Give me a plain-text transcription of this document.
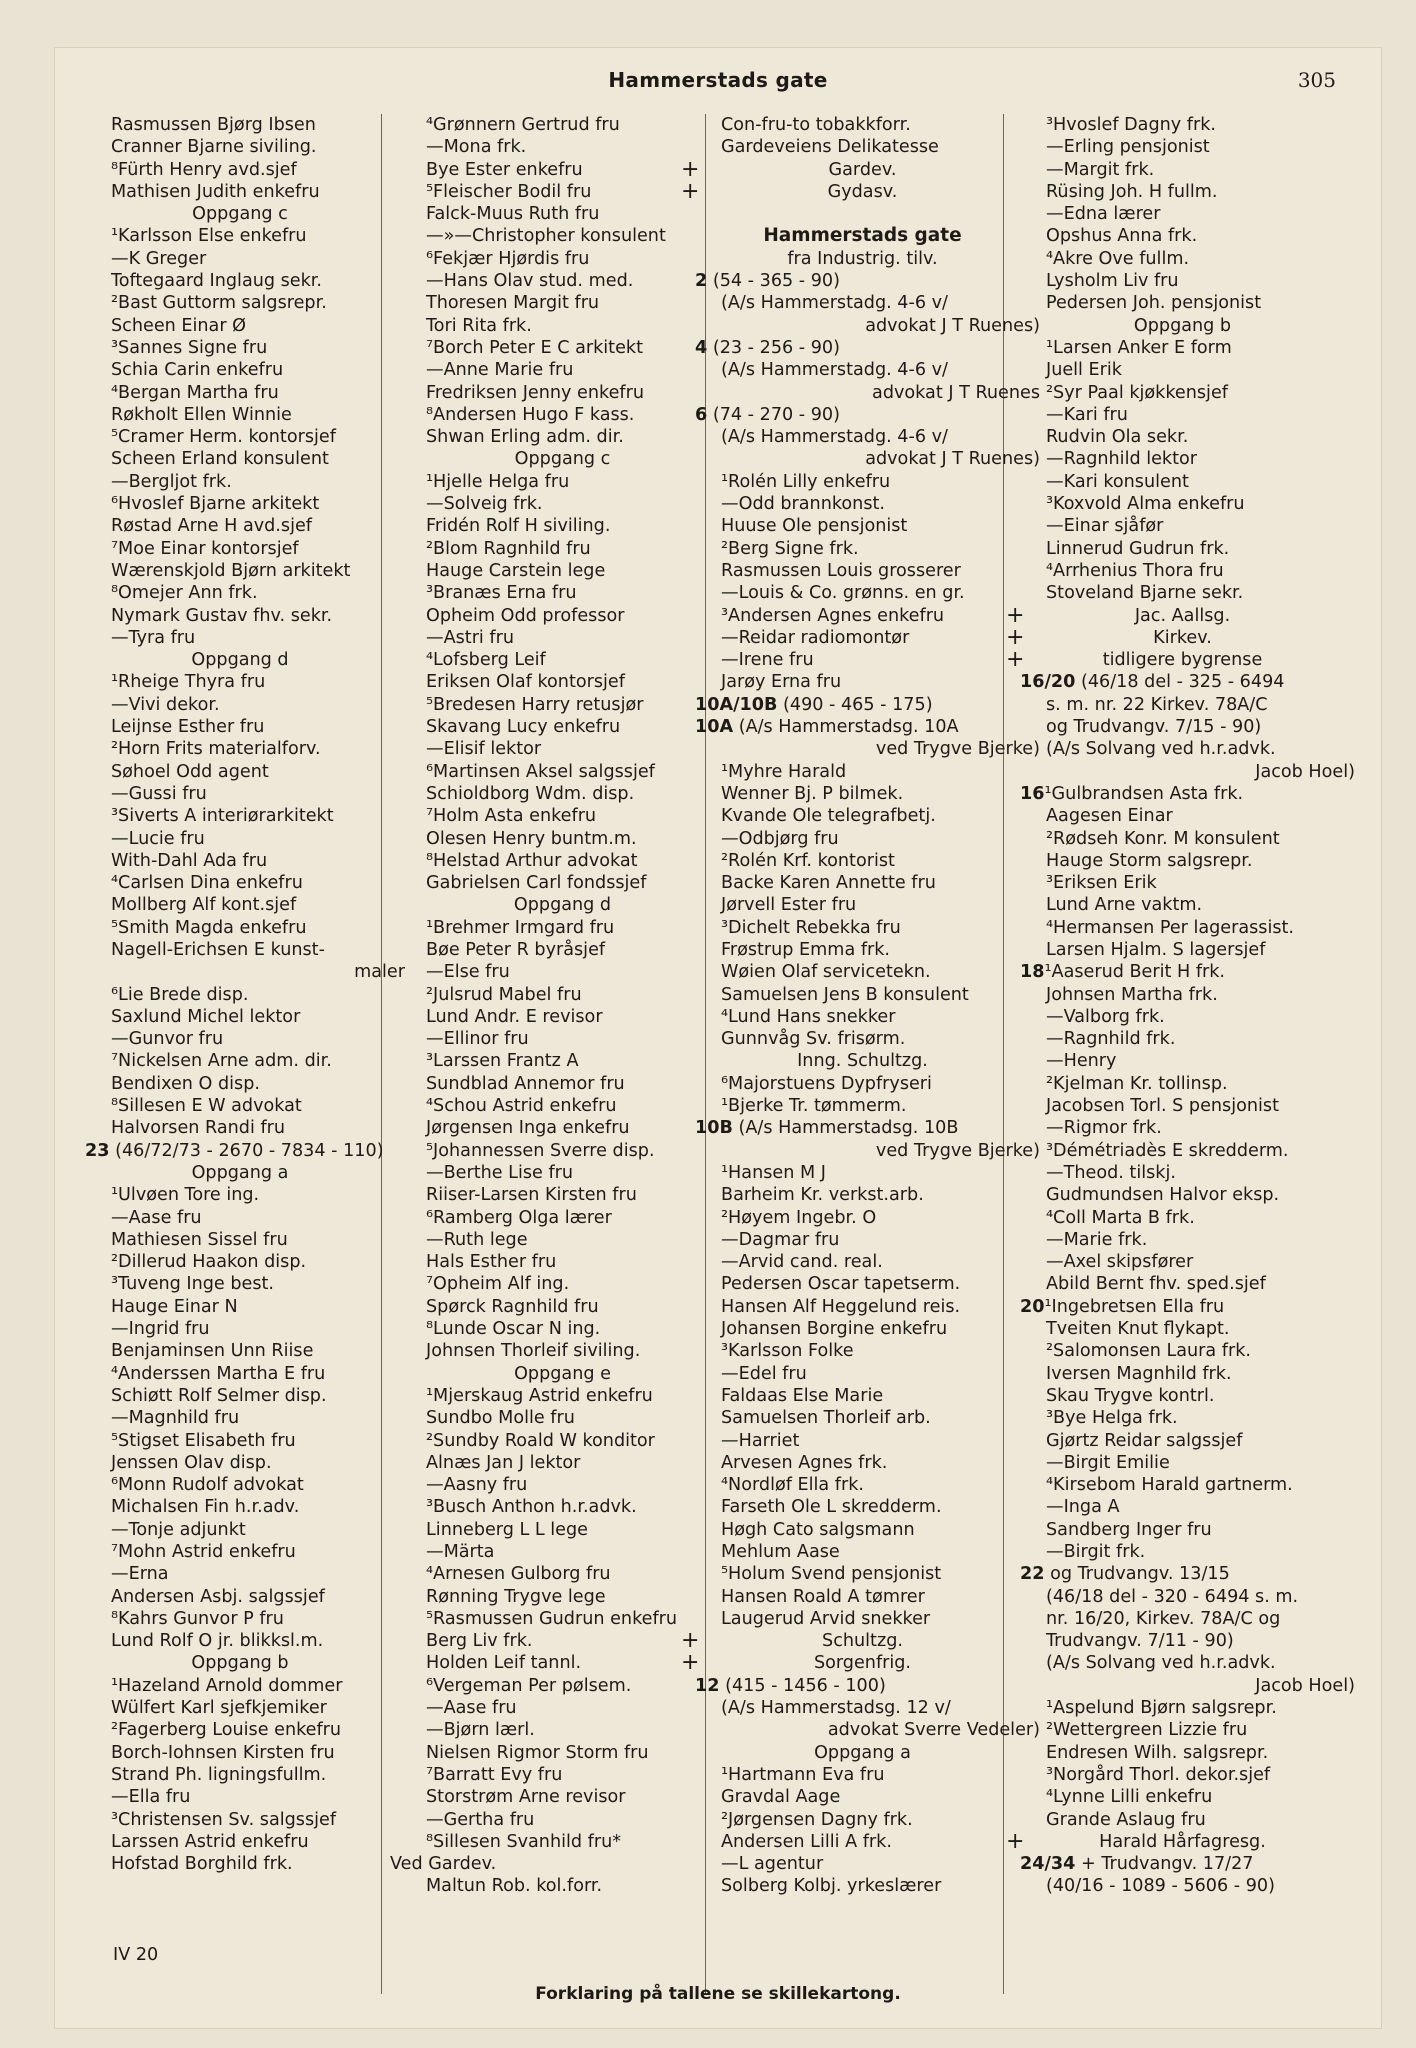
Hammerstads gate	305
Rasmussen Bjørg Ibsen
Cranner Bjarne siviling.
⁸Fürth Henry avd.sjef
Mathisen Judith enkefru
Oppgang c
¹Karlsson Else enkefru
—K Greger
Toftegaard Inglaug sekr.
²Bast Guttorm salgsrepr.
Scheen Einar Ø
³Sannes Signe fru
Schia Carin enkefru
⁴Bergan Martha fru
Røkholt Ellen Winnie
⁵Cramer Herm. kontorsjef
Scheen Erland konsulent
—Bergljot frk.
⁶Hvoslef Bjarne arkitekt
Røstad Arne H avd.sjef
⁷Moe Einar kontorsjef
Wærenskjold Bjørn arkitekt
⁸Omejer Ann frk.
Nymark Gustav fhv. sekr.
—Tyra fru
Oppgang d
¹Rheige Thyra fru
—Vivi dekor.
Leijnse Esther fru
²Horn Frits materialforv.
Søhoel Odd agent
—Gussi fru
³Siverts A interiørarkitekt
—Lucie fru
With-Dahl Ada fru
⁴Carlsen Dina enkefru
Mollberg Alf kont.sjef
⁵Smith Magda enkefru
Nagell-Erichsen E kunst-
maler
⁶Lie Brede disp.
Saxlund Michel lektor
—Gunvor fru
⁷Nickelsen Arne adm. dir.
Bendixen O disp.
⁸Sillesen E W advokat
Halvorsen Randi fru
23 (46/72/73 - 2670 - 7834 - 110)
Oppgang a
¹Ulvøen Tore ing.
—Aase fru
Mathiesen Sissel fru
²Dillerud Haakon disp.
³Tuveng Inge best.
Hauge Einar N
—Ingrid fru
Benjaminsen Unn Riise
⁴Anderssen Martha E fru
Schiøtt Rolf Selmer disp.
—Magnhild fru
⁵Stigset Elisabeth fru
Jenssen Olav disp.
⁶Monn Rudolf advokat
Michalsen Fin h.r.adv.
—Tonje adjunkt
⁷Mohn Astrid enkefru
—Erna
Andersen Asbj. salgssjef
⁸Kahrs Gunvor P fru
Lund Rolf O jr. blikksl.m.
Oppgang b
¹Hazeland Arnold dommer
Wülfert Karl sjefkjemiker
²Fagerberg Louise enkefru
Borch-Iohnsen Kirsten fru
Strand Ph. ligningsfullm.
—Ella fru
³Christensen Sv. salgssjef
Larssen Astrid enkefru
Hofstad Borghild frk.
⁴Grønnern Gertrud fru
—Mona frk.
Bye Ester enkefru
⁵Fleischer Bodil fru
Falck-Muus Ruth fru
—»—Christopher konsulent
⁶Fekjær Hjørdis fru
—Hans Olav stud. med.
Thoresen Margit fru
Tori Rita frk.
⁷Borch Peter E C arkitekt
—Anne Marie fru
Fredriksen Jenny enkefru
⁸Andersen Hugo F kass.
Shwan Erling adm. dir.
Oppgang c
¹Hjelle Helga fru
—Solveig frk.
Fridén Rolf H siviling.
²Blom Ragnhild fru
Hauge Carstein lege
³Branæs Erna fru
Opheim Odd professor
—Astri fru
⁴Lofsberg Leif
Eriksen Olaf kontorsjef
⁵Bredesen Harry retusjør
Skavang Lucy enkefru
—Elisif lektor
⁶Martinsen Aksel salgssjef
Schioldborg Wdm. disp.
⁷Holm Asta enkefru
Olesen Henry buntm.m.
⁸Helstad Arthur advokat
Gabrielsen Carl fondssjef
Oppgang d
¹Brehmer Irmgard fru
Bøe Peter R byråsjef
—Else fru
²Julsrud Mabel fru
Lund Andr. E revisor
—Ellinor fru
³Larssen Frantz A
Sundblad Annemor fru
⁴Schou Astrid enkefru
Jørgensen Inga enkefru
⁵Johannessen Sverre disp.
—Berthe Lise fru
Riiser-Larsen Kirsten fru
⁶Ramberg Olga lærer
—Ruth lege
Hals Esther fru
⁷Opheim Alf ing.
Spørck Ragnhild fru
⁸Lunde Oscar N ing.
Johnsen Thorleif siviling.
Oppgang e
¹Mjerskaug Astrid enkefru
Sundbo Molle fru
²Sundby Roald W konditor
Alnæs Jan J lektor
—Aasny fru
³Busch Anthon h.r.advk.
Linneberg L L lege
—Märta
⁴Arnesen Gulborg fru
Rønning Trygve lege
⁵Rasmussen Gudrun enkefru
Berg Liv frk.
Holden Leif tannl.
⁶Vergeman Per pølsem.
—Aase fru
—Bjørn lærl.
Nielsen Rigmor Storm fru
⁷Barratt Evy fru
Storstrøm Arne revisor
—Gertha fru
⁸Sillesen Svanhild fru*
Ved Gardev.
Maltun Rob. kol.forr.
Con-fru-to tobakkforr.
Gardeveiens Delikatesse
+	Gardev.
+	Gydasv.
Hammerstads gate
fra Industrig. tilv.
2 (54 - 365 - 90)
(A/s Hammerstadg. 4-6 v/
advokat J T Ruenes)
4 (23 - 256 - 90)
(A/s Hammerstadg. 4-6 v/
advokat J T Ruenes
6 (74 - 270 - 90)
(A/s Hammerstadg. 4-6 v/
advokat J T Ruenes)
¹Rolén Lilly enkefru
—Odd brannkonst.
Huuse Ole pensjonist
²Berg Signe frk.
Rasmussen Louis grosserer
—Louis & Co. grønns. en gr.
³Andersen Agnes enkefru
—Reidar radiomontør
—Irene fru
Jarøy Erna fru
10A/10B (490 - 465 - 175)
10A (A/s Hammerstadsg. 10A
ved Trygve Bjerke)
¹Myhre Harald
Wenner Bj. P bilmek.
Kvande Ole telegrafbetj.
—Odbjørg fru
²Rolén Krf. kontorist
Backe Karen Annette fru
Jørvell Ester fru
³Dichelt Rebekka fru
Frøstrup Emma frk.
Wøien Olaf servicetekn.
Samuelsen Jens B konsulent
⁴Lund Hans snekker
Gunnvåg Sv. frisørm.
Inng. Schultzg.
⁶Majorstuens Dypfryseri
¹Bjerke Tr. tømmerm.
10B (A/s Hammerstadsg. 10B
ved Trygve Bjerke)
¹Hansen M J
Barheim Kr. verkst.arb.
²Høyem Ingebr. O
—Dagmar fru
—Arvid cand. real.
Pedersen Oscar tapetserm.
Hansen Alf Heggelund reis.
Johansen Borgine enkefru
³Karlsson Folke
—Edel fru
Faldaas Else Marie
Samuelsen Thorleif arb.
—Harriet
Arvesen Agnes frk.
⁴Nordløf Ella frk.
Farseth Ole L skredderm.
Høgh Cato salgsmann
Mehlum Aase
⁵Holum Svend pensjonist
Hansen Roald A tømrer
Laugerud Arvid snekker
+	Schultzg.
+	Sorgenfrig.
12 (415 - 1456 - 100)
(A/s Hammerstadsg. 12 v/
advokat Sverre Vedeler)
Oppgang a
¹Hartmann Eva fru
Gravdal Aage
²Jørgensen Dagny frk.
Andersen Lilli A frk.
—L agentur
Solberg Kolbj. yrkeslærer
³Hvoslef Dagny frk.
—Erling pensjonist
—Margit frk.
Rüsing Joh. H fullm.
—Edna lærer
Opshus Anna frk.
⁴Akre Ove fullm.
Lysholm Liv fru
Pedersen Joh. pensjonist
Oppgang b
¹Larsen Anker E form
Juell Erik
²Syr Paal kjøkkensjef
—Kari fru
Rudvin Ola sekr.
—Ragnhild lektor
—Kari konsulent
³Koxvold Alma enkefru
—Einar sjåfør
Linnerud Gudrun frk.
⁴Arrhenius Thora fru
Stoveland Bjarne sekr.
+	Jac. Aallsg.
+	Kirkev.
+	tidligere bygrense
16/20 (46/18 del - 325 - 6494
s. m. nr. 22 Kirkev. 78A/C
og Trudvangv. 7/15 - 90)
(A/s Solvang ved h.r.advk.
Jacob Hoel)
16¹Gulbrandsen Asta frk.
Aagesen Einar
²Rødseh Konr. M konsulent
Hauge Storm salgsrepr.
³Eriksen Erik
Lund Arne vaktm.
⁴Hermansen Per lagerassist.
Larsen Hjalm. S lagersjef
18¹Aaserud Berit H frk.
Johnsen Martha frk.
—Valborg frk.
—Ragnhild frk.
—Henry
²Kjelman Kr. tollinsp.
Jacobsen Torl. S pensjonist
—Rigmor frk.
³Démétriadès E skredderm.
—Theod. tilskj.
Gudmundsen Halvor eksp.
⁴Coll Marta B frk.
—Marie frk.
—Axel skipsfører
Abild Bernt fhv. sped.sjef
20¹Ingebretsen Ella fru
Tveiten Knut flykapt.
²Salomonsen Laura frk.
Iversen Magnhild frk.
Skau Trygve kontrl.
³Bye Helga frk.
Gjørtz Reidar salgssjef
—Birgit Emilie
⁴Kirsebom Harald gartnerm.
—Inga A
Sandberg Inger fru
—Birgit frk.
22 og Trudvangv. 13/15
(46/18 del - 320 - 6494 s. m.
nr. 16/20, Kirkev. 78A/C og
Trudvangv. 7/11 - 90)
(A/s Solvang ved h.r.advk.
Jacob Hoel)
¹Aspelund Bjørn salgsrepr.
²Wettergreen Lizzie fru
Endresen Wilh. salgsrepr.
³Norgård Thorl. dekor.sjef
⁴Lynne Lilli enkefru
Grande Aslaug fru
+	Harald Hårfagresg.
24/34 + Trudvangv. 17/27
(40/16 - 1089 - 5606 - 90)
IV 20
Forklaring på tallene se skillekartong.
